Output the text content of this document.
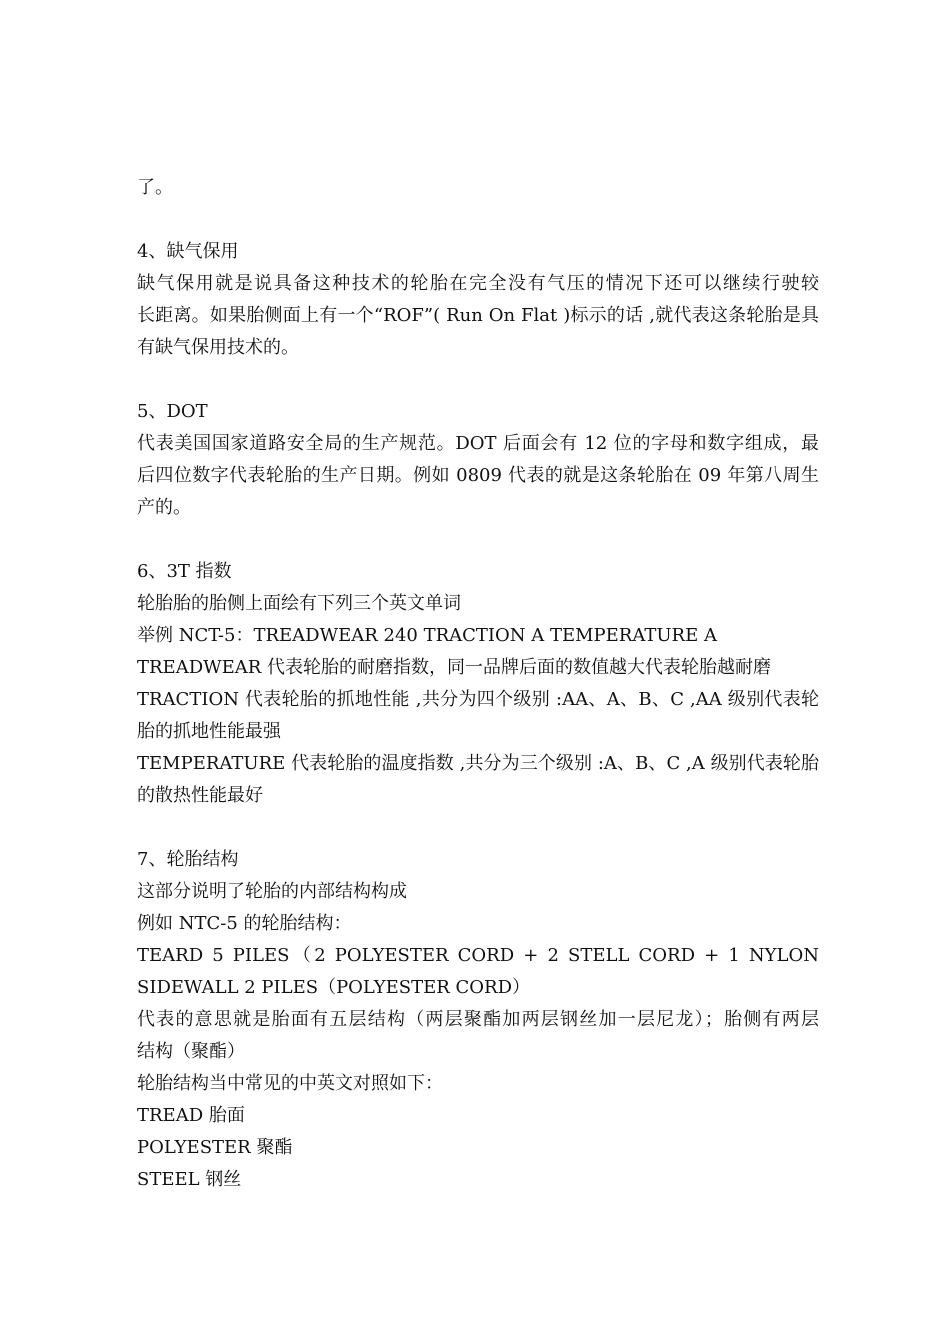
了。
4、缺气保用
缺气保用就是说具备这种技术的轮胎在完全没有气压的情况下还可以继续行驶较
长距离。如果胎侧面上有一个“ROF”( Run On Flat )标示的话 ,就代表这条轮胎是具
有缺气保用技术的。
5、DOT
代表美国国家道路安全局的生产规范。DOT 后面会有 12 位的字母和数字组成，最
后四位数字代表轮胎的生产日期。例如 0809 代表的就是这条轮胎在 09 年第八周生
产的。
6、3T 指数
轮胎胎的胎侧上面绘有下列三个英文单词
举例 NCT-5：TREADWEAR 240 TRACTION A TEMPERATURE A
TREADWEAR 代表轮胎的耐磨指数，同一品牌后面的数值越大代表轮胎越耐磨
TRACTION 代表轮胎的抓地性能 ,共分为四个级别 :AA、A、B、C ,AA 级别代表轮
胎的抓地性能最强
TEMPERATURE 代表轮胎的温度指数 ,共分为三个级别 :A、B、C ,A 级别代表轮胎
的散热性能最好
7、轮胎结构
这部分说明了轮胎的内部结构构成
例如 NTC-5 的轮胎结构：
TEARD 5 PILES（2 POLYESTER CORD + 2 STELL CORD + 1 NYLON
SIDEWALL 2 PILES（POLYESTER CORD）
代表的意思就是胎面有五层结构（两层聚酯加两层钢丝加一层尼龙）；胎侧有两层
结构（聚酯）
轮胎结构当中常见的中英文对照如下：
TREAD 胎面
POLYESTER 聚酯
STEEL 钢丝
